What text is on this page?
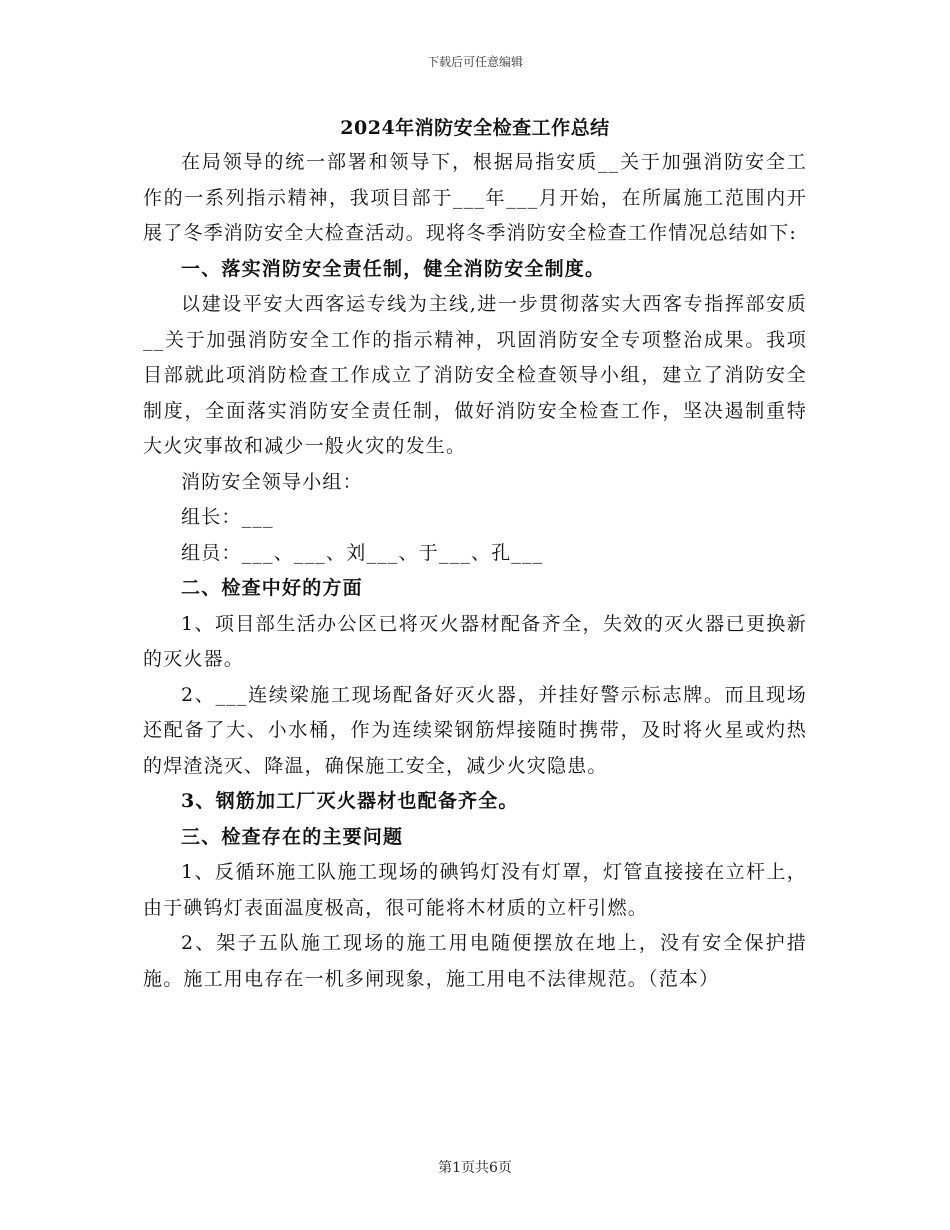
下载后可任意编辑
2024年消防安全检查工作总结

在局领导的统一部署和领导下，根据局指安质__关于加强消防安全工作的一系列指示精神，我项目部于___年___月开始，在所属施工范围内开展了冬季消防安全大检查活动。现将冬季消防安全检查工作情况总结如下:

一、落实消防安全责任制，健全消防安全制度。

以建设平安大西客运专线为主线,进一步贯彻落实大西客专指挥部安质__关于加强消防安全工作的指示精神，巩固消防安全专项整治成果。我项目部就此项消防检查工作成立了消防安全检查领导小组，建立了消防安全制度，全面落实消防安全责任制，做好消防安全检查工作，坚决遏制重特大火灾事故和减少一般火灾的发生。

消防安全领导小组：

组长：___

组员：___、___、刘___、于___、孔___

二、检查中好的方面

1、项目部生活办公区已将灭火器材配备齐全，失效的灭火器已更换新的灭火器。

2、___连续梁施工现场配备好灭火器，并挂好警示标志牌。而且现场还配备了大、小水桶，作为连续梁钢筋焊接随时携带，及时将火星或灼热的焊渣浇灭、降温，确保施工安全，减少火灾隐患。

3、钢筋加工厂灭火器材也配备齐全。

三、检查存在的主要问题

1、反循环施工队施工现场的碘钨灯没有灯罩，灯管直接接在立杆上，由于碘钨灯表面温度极高，很可能将木材质的立杆引燃。

2、架子五队施工现场的施工用电随便摆放在地上，没有安全保护措施。施工用电存在一机多闸现象，施工用电不法律规范。（范本）

第1页共6页
